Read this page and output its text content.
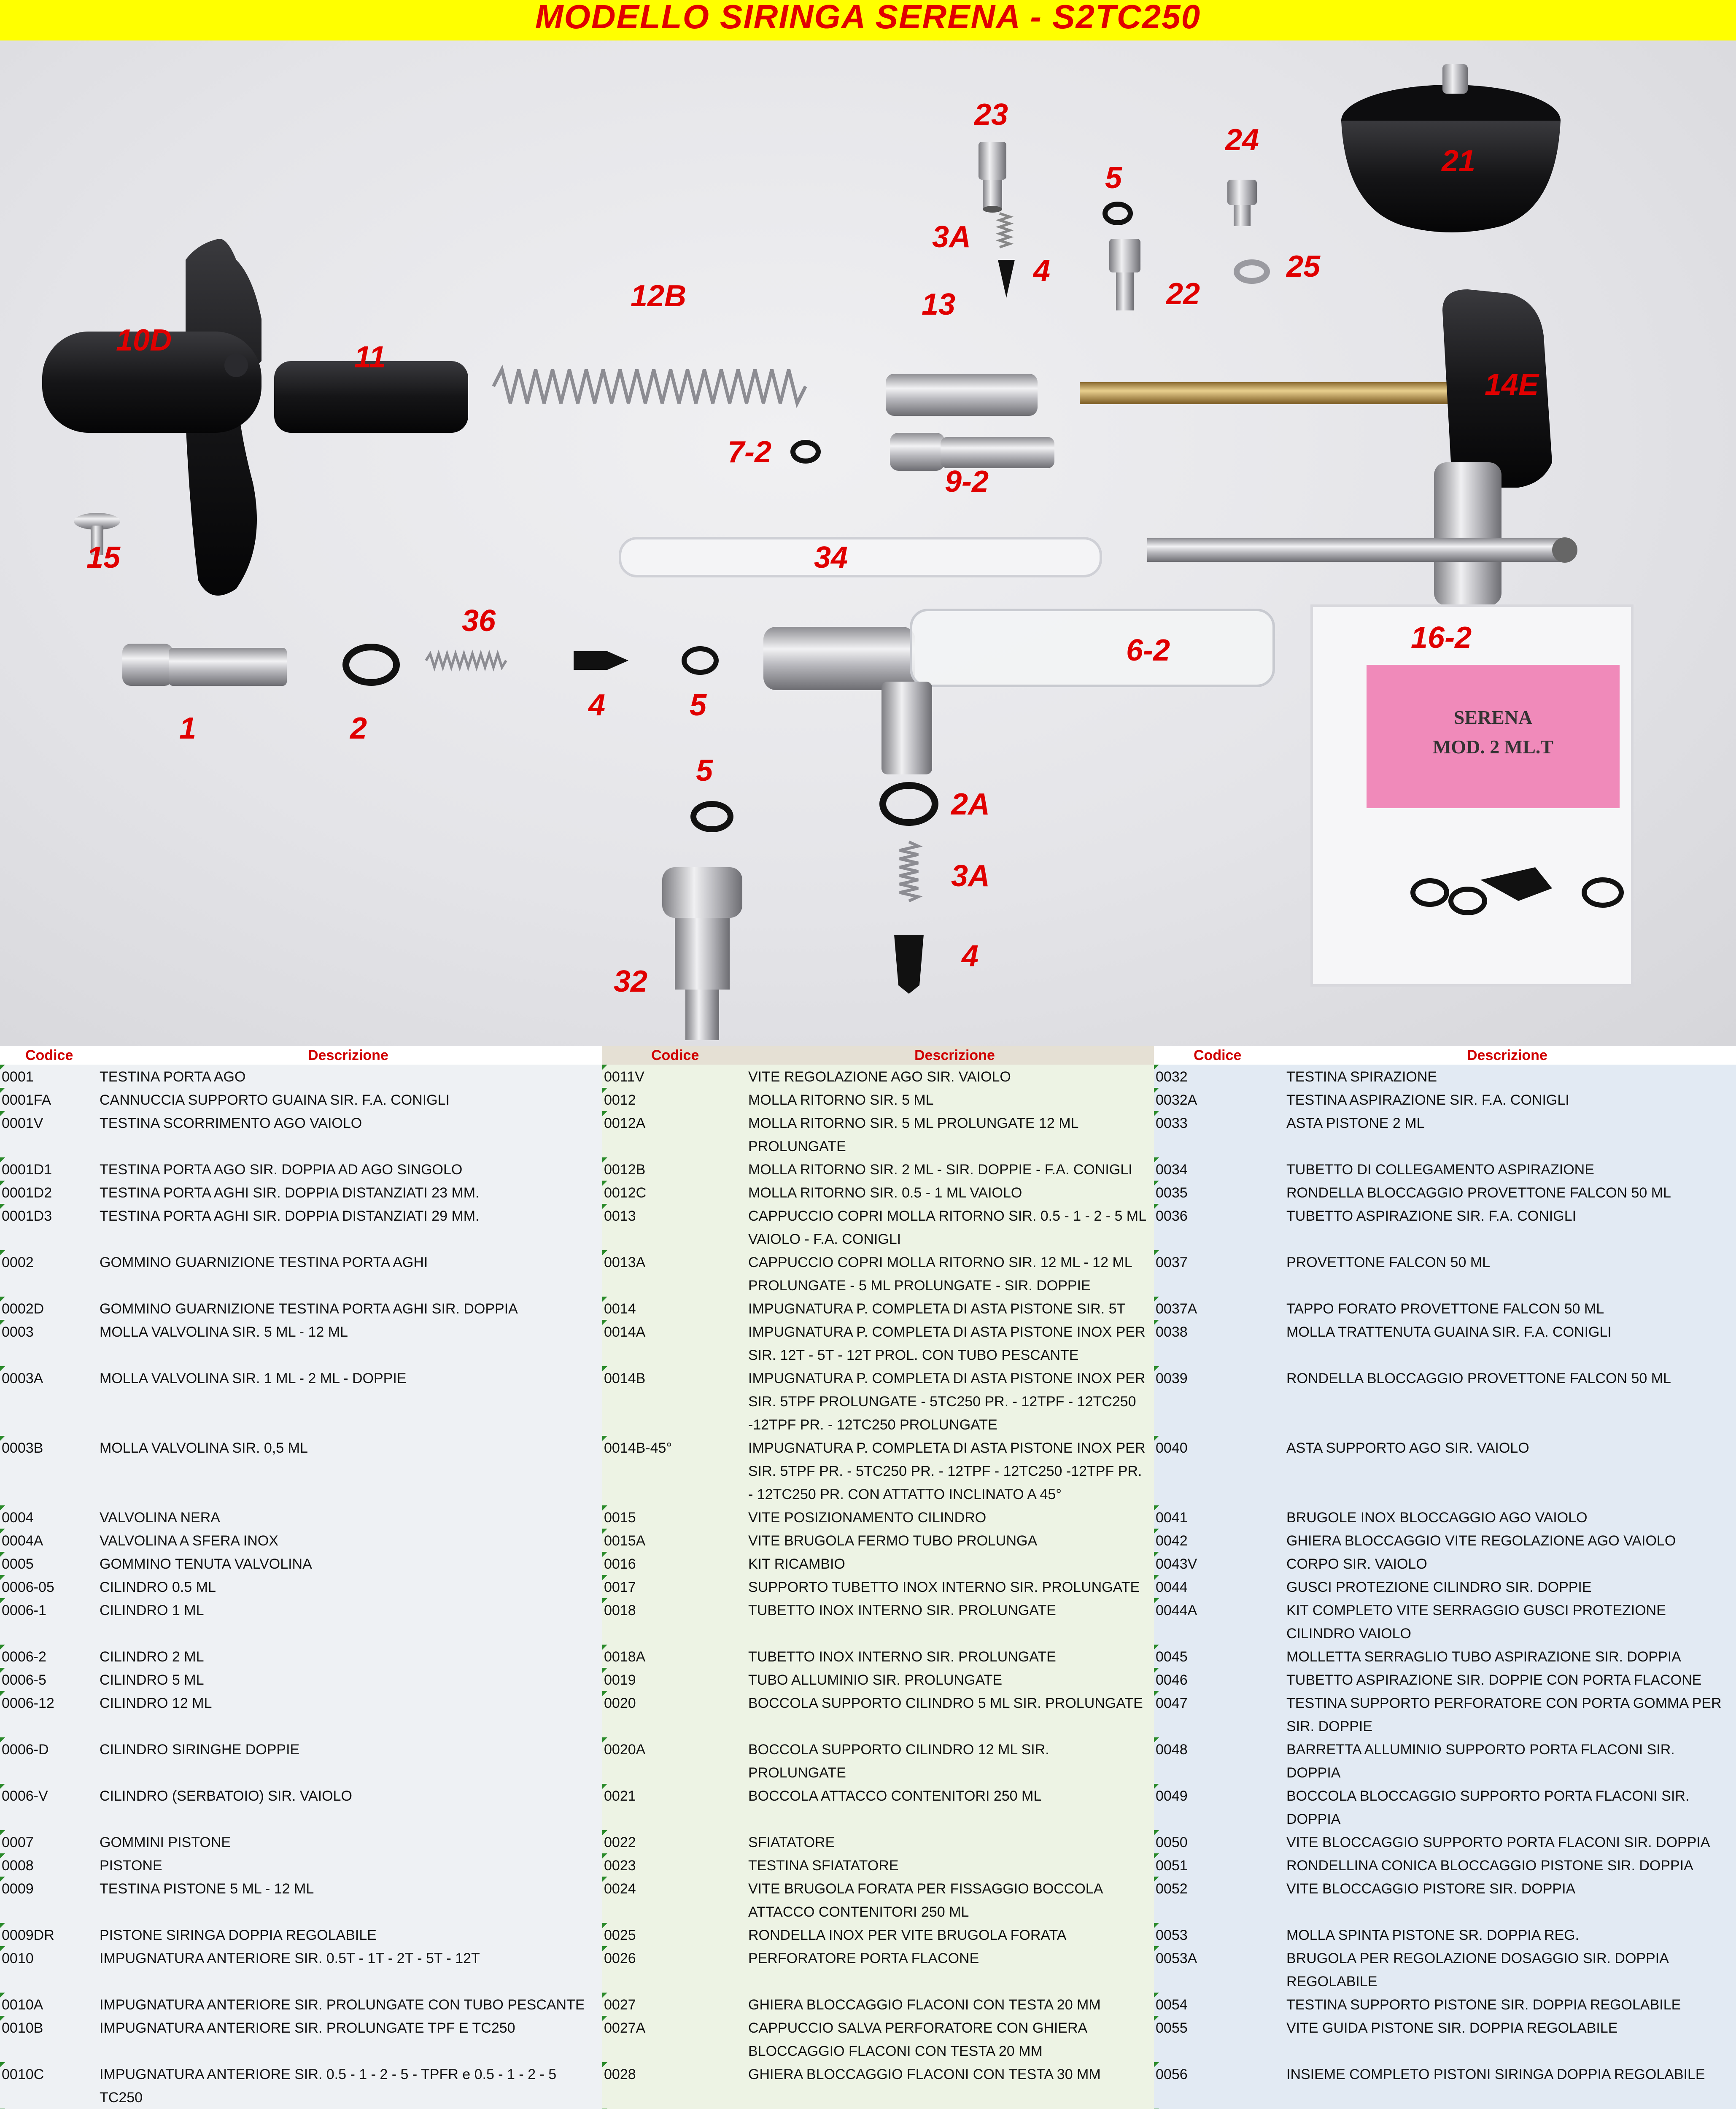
MODELLO SIRINGA SERENA - S2TC250
SERENA
MOD. 2 ML.T
23
24
21
5
3A
4
22
25
12B	13
10D	11
14E
7-2
9-2
15	34
36	16-2
6-2
1	2
4	5
5
2A
3A
4
32
Codice	Descrizione
0001	TESTINA PORTA AGO
0001FA	CANNUCCIA SUPPORTO GUAINA SIR. F.A. CONIGLI
0001V	TESTINA SCORRIMENTO AGO VAIOLO
0001D1	TESTINA PORTA AGO SIR. DOPPIA AD AGO SINGOLO
0001D2	TESTINA PORTA AGHI SIR. DOPPIA DISTANZIATI 23 MM.
0001D3	TESTINA PORTA AGHI SIR. DOPPIA DISTANZIATI 29 MM.
0002	GOMMINO GUARNIZIONE TESTINA PORTA AGHI
0002D	GOMMINO GUARNIZIONE TESTINA PORTA AGHI SIR. DOPPIA
0003	MOLLA VALVOLINA SIR. 5 ML - 12 ML
0003A	MOLLA VALVOLINA SIR. 1 ML - 2 ML - DOPPIE
0003B	MOLLA VALVOLINA SIR. 0,5 ML
0004	VALVOLINA NERA
0004A	VALVOLINA A SFERA INOX
0005	GOMMINO TENUTA VALVOLINA
0006-05	CILINDRO 0.5 ML
0006-1	CILINDRO 1 ML
0006-2	CILINDRO 2 ML
0006-5	CILINDRO 5 ML
0006-12	CILINDRO 12 ML
0006-D	CILINDRO SIRINGHE DOPPIE
0006-V	CILINDRO (SERBATOIO) SIR. VAIOLO
0007	GOMMINI PISTONE
0008	PISTONE
0009	TESTINA PISTONE 5 ML - 12 ML
0009DR	PISTONE SIRINGA DOPPIA REGOLABILE
0010	IMPUGNATURA ANTERIORE SIR. 0.5T - 1T - 2T - 5T - 12T
0010A	IMPUGNATURA ANTERIORE SIR. PROLUNGATE CON TUBO PESCANTE
0010B	IMPUGNATURA ANTERIORE SIR. PROLUNGATE TPF E TC250
0010C	IMPUGNATURA ANTERIORE SIR. 0.5 - 1 - 2 - 5 - TPFR e 0.5 - 1 - 2 - 5 TC250
Codice	Descrizione
0011V	VITE REGOLAZIONE AGO SIR. VAIOLO
0012	MOLLA RITORNO SIR. 5 ML
0012A	MOLLA RITORNO SIR. 5 ML PROLUNGATE 12 ML PROLUNGATE
0012B	MOLLA RITORNO SIR. 2 ML - SIR. DOPPIE - F.A. CONIGLI
0012C	MOLLA RITORNO SIR. 0.5 - 1 ML VAIOLO
0013	CAPPUCCIO COPRI MOLLA RITORNO SIR. 0.5 - 1 - 2 - 5 ML VAIOLO - F.A. CONIGLI
0013A	CAPPUCCIO COPRI MOLLA RITORNO SIR. 12 ML - 12 ML PROLUNGATE - 5 ML PROLUNGATE - SIR. DOPPIE
0014	IMPUGNATURA P. COMPLETA DI ASTA PISTONE SIR. 5T
0014A	IMPUGNATURA P. COMPLETA DI ASTA PISTONE INOX PER SIR. 12T - 5T - 12T PROL. CON TUBO PESCANTE
0014B	IMPUGNATURA P. COMPLETA DI ASTA PISTONE INOX PER SIR. 5TPF PROLUNGATE - 5TC250 PR. - 12TPF - 12TC250 -12TPF PR. - 12TC250 PROLUNGATE
0014B-45°	IMPUGNATURA P. COMPLETA DI ASTA PISTONE INOX PER SIR. 5TPF PR. - 5TC250 PR. - 12TPF - 12TC250 -12TPF PR. - 12TC250 PR. CON ATTATTO INCLINATO A 45°
0015	VITE POSIZIONAMENTO CILINDRO
0015A	VITE BRUGOLA FERMO TUBO PROLUNGA
0016	KIT RICAMBIO
0017	SUPPORTO TUBETTO INOX INTERNO SIR. PROLUNGATE
0018	TUBETTO INOX INTERNO SIR. PROLUNGATE
0018A	TUBETTO INOX INTERNO SIR. PROLUNGATE
0019	TUBO ALLUMINIO SIR. PROLUNGATE
0020	BOCCOLA SUPPORTO CILINDRO 5 ML SIR. PROLUNGATE
0020A	BOCCOLA SUPPORTO CILINDRO 12 ML SIR. PROLUNGATE
0021	BOCCOLA ATTACCO CONTENITORI 250 ML
0022	SFIATATORE
0023	TESTINA SFIATATORE
0024	VITE BRUGOLA FORATA PER FISSAGGIO BOCCOLA ATTACCO CONTENITORI 250 ML
0025	RONDELLA INOX PER VITE BRUGOLA FORATA
0026	PERFORATORE PORTA FLACONE
0027	GHIERA BLOCCAGGIO FLACONI CON TESTA 20 MM
0027A	CAPPUCCIO SALVA PERFORATORE CON GHIERA BLOCCAGGIO FLACONI CON TESTA 20 MM
0028	GHIERA BLOCCAGGIO FLACONI CON TESTA 30 MM
Codice	Descrizione
0032	TESTINA SPIRAZIONE
0032A	TESTINA ASPIRAZIONE SIR. F.A. CONIGLI
0033	ASTA PISTONE 2 ML
0034	TUBETTO DI COLLEGAMENTO ASPIRAZIONE
0035	RONDELLA BLOCCAGGIO PROVETTONE FALCON 50 ML
0036	TUBETTO ASPIRAZIONE SIR. F.A. CONIGLI
0037	PROVETTONE FALCON 50 ML
0037A	TAPPO FORATO PROVETTONE FALCON 50 ML
0038	MOLLA TRATTENUTA GUAINA SIR. F.A. CONIGLI
0039	RONDELLA BLOCCAGGIO PROVETTONE FALCON 50 ML
0040	ASTA SUPPORTO AGO SIR. VAIOLO
0041	BRUGOLE INOX BLOCCAGGIO AGO VAIOLO
0042	GHIERA BLOCCAGGIO VITE REGOLAZIONE AGO VAIOLO
0043V	CORPO SIR. VAIOLO
0044	GUSCI PROTEZIONE CILINDRO SIR. DOPPIE
0044A	KIT COMPLETO VITE SERRAGGIO GUSCI PROTEZIONE CILINDRO VAIOLO
0045	MOLLETTA SERRAGLIO TUBO ASPIRAZIONE SIR. DOPPIA
0046	TUBETTO ASPIRAZIONE SIR. DOPPIE CON PORTA FLACONE
0047	TESTINA SUPPORTO PERFORATORE CON PORTA GOMMA PER SIR. DOPPIE
0048	BARRETTA ALLUMINIO SUPPORTO PORTA FLACONI SIR. DOPPIA
0049	BOCCOLA BLOCCAGGIO SUPPORTO PORTA FLACONI SIR. DOPPIA
0050	VITE BLOCCAGGIO SUPPORTO PORTA FLACONI SIR. DOPPIA
0051	RONDELLINA CONICA BLOCCAGGIO PISTONE SIR. DOPPIA
0052	VITE BLOCCAGGIO PISTORE SIR. DOPPIA
0053	MOLLA SPINTA PISTONE SR. DOPPIA REG.
0053A	BRUGOLA PER REGOLAZIONE DOSAGGIO SIR. DOPPIA REGOLABILE
0054	TESTINA SUPPORTO PISTONE SIR. DOPPIA REGOLABILE
0055	VITE GUIDA PISTONE SIR. DOPPIA REGOLABILE
0056	INSIEME COMPLETO PISTONI SIRINGA DOPPIA REGOLABILE
